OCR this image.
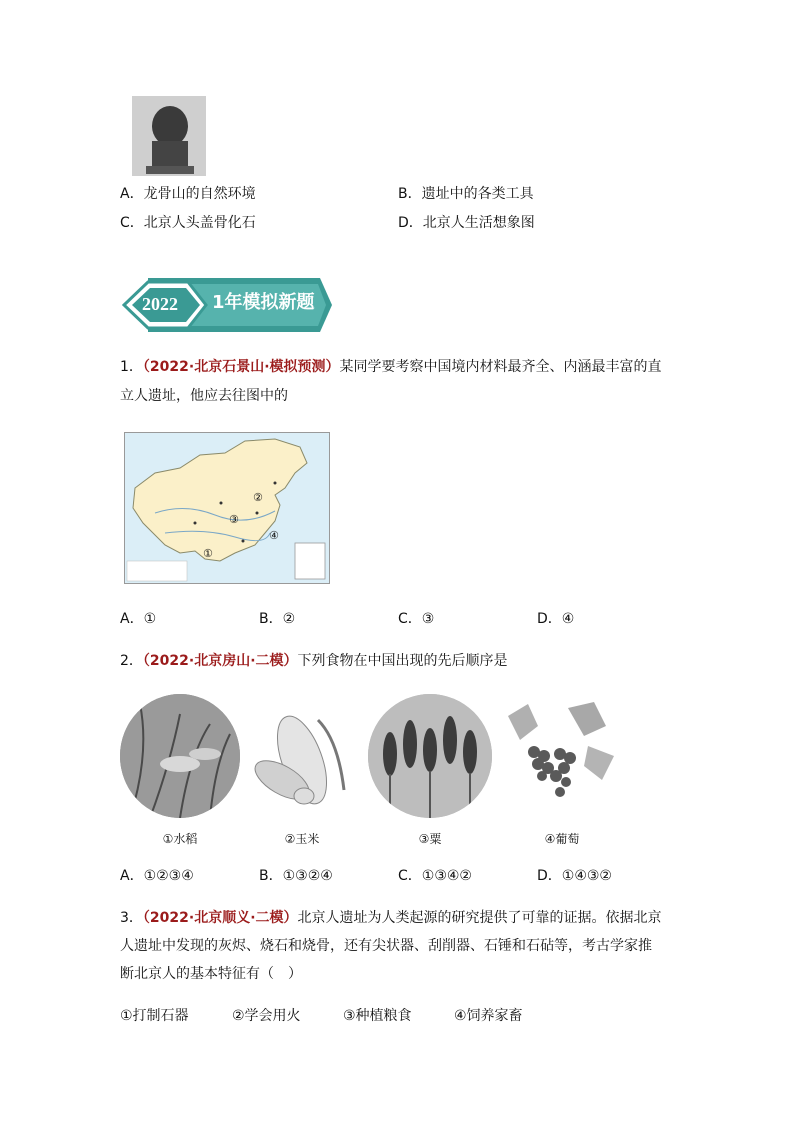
A．龙骨山的自然环境	B．遗址中的各类工具
C．北京人头盖骨化石	D．北京人生活想象图
2022 1年模拟新题
1．（2022·北京石景山·模拟预测）某同学要考察中国境内材料最齐全、内涵最丰富的直
立人遗址，他应去往图中的
①
②
③
④
A．①	B．②	C．③	D．④
2．（2022·北京房山·二模）下列食物在中国出现的先后顺序是
①水稻	②玉米	③粟	④葡萄
A．①②③④	B．①③②④	C．①③④②	D．①④③②
3．（2022·北京顺义·二模）北京人遗址为人类起源的研究提供了可靠的证据。依据北京
人遗址中发现的灰烬、烧石和烧骨，还有尖状器、刮削器、石锤和石砧等，考古学家推
断北京人的基本特征有（　）
①打制石器	②学会用火	③种植粮食	④饲养家畜
